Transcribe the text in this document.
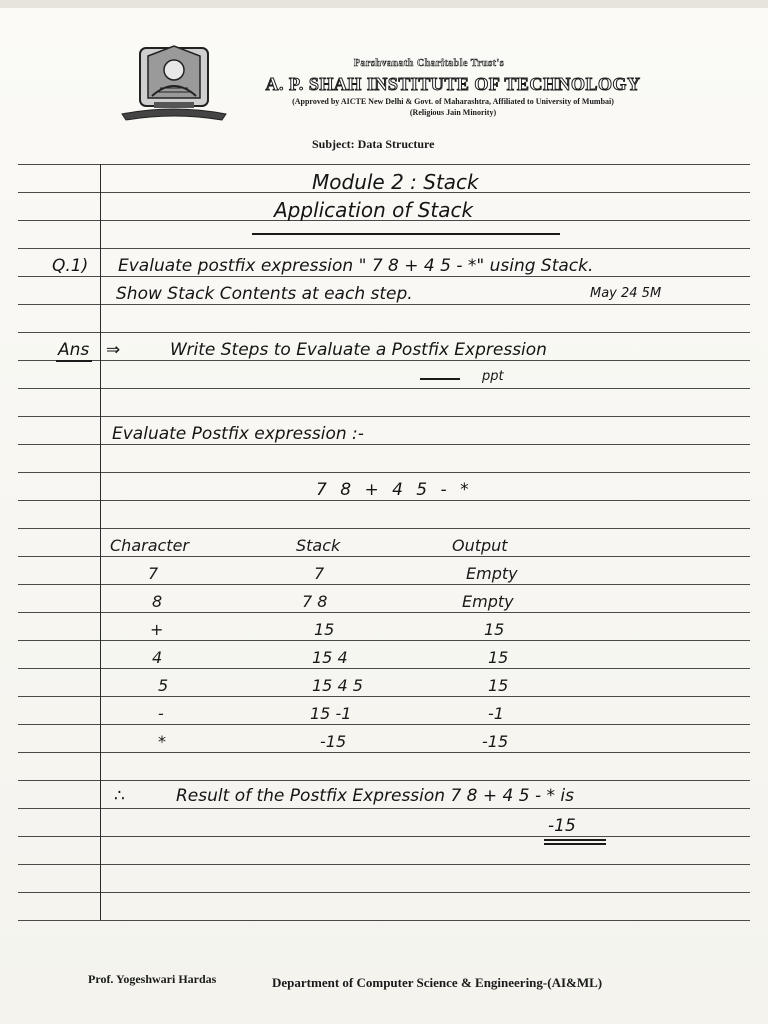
Parshvanath Charitable Trust's
A. P. SHAH INSTITUTE OF TECHNOLOGY
(Approved by AICTE New Delhi & Govt. of Maharashtra, Affiliated to University of Mumbai)
(Religious Jain Minority)
Subject: Data Structure
Module 2 : Stack
Application of Stack
Q.1) Evaluate postfix expression " 7 8 + 4 5 - *" using Stack.
Show Stack Contents at each step.	May 24 5M
Ans ⇒	Write Steps to Evaluate a Postfix Expression
ppt
Evaluate Postfix expression :-
7 8 + 4 5 - *
Character	Stack	Output
7	7	Empty
8	7 8	Empty
+	15	15
4	15 4	15
5	15 4 5	15
-	15 -1	-1
*	-15	-15
∴	Result of the Postfix Expression 7 8 + 4 5 - * is
-15
Prof. Yogeshwari Hardas	Department of Computer Science & Engineering-(AI&ML)
